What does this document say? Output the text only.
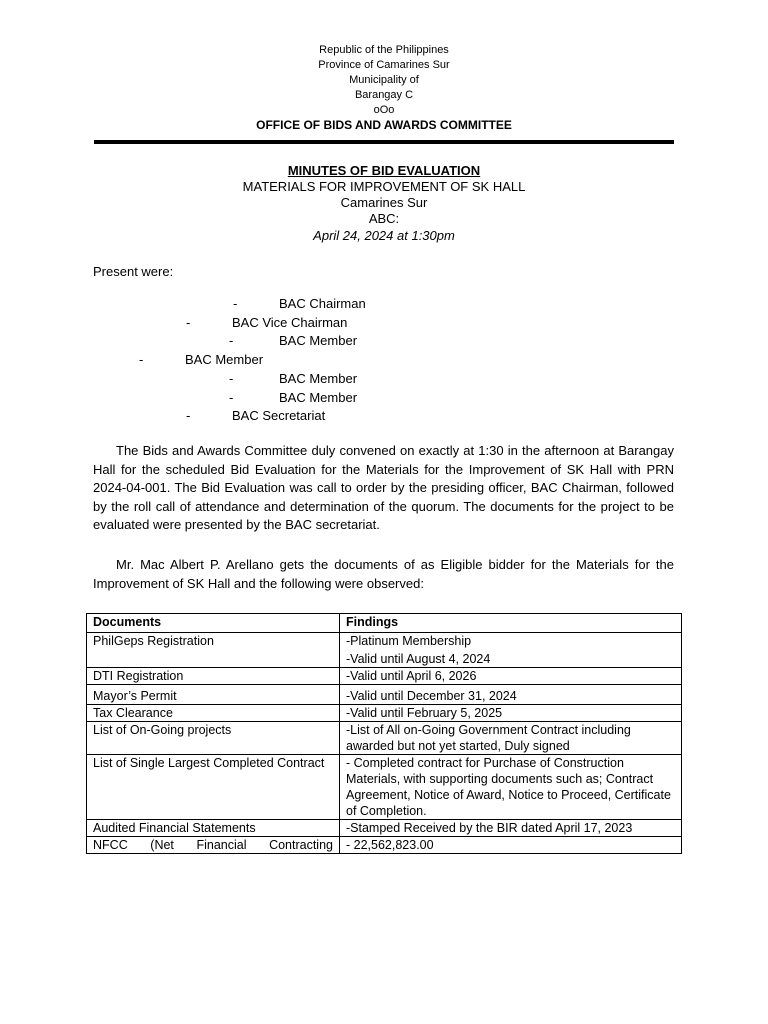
Republic of the Philippines
Province of Camarines Sur
Municipality of
Barangay C
oOo
OFFICE OF BIDS AND AWARDS COMMITTEE
MINUTES OF BID EVALUATION
MATERIALS FOR IMPROVEMENT OF SK HALL
Camarines Sur
ABC:
April 24, 2024 at 1:30pm
Present were:
-	BAC Chairman
-	BAC Vice Chairman
-	BAC Member
-	BAC Member
-	BAC Member
-	BAC Member
-	BAC Secretariat
The Bids and Awards Committee duly convened on exactly at 1:30 in the afternoon at Barangay Hall for the scheduled Bid Evaluation for the Materials for the Improvement of SK Hall with PRN 2024-04-001. The Bid Evaluation was call to order by the presiding officer, BAC Chairman, followed by the roll call of attendance and determination of the quorum. The documents for the project to be evaluated were presented by the BAC secretariat.
Mr. Mac Albert P. Arellano gets the documents of as Eligible bidder for the Materials for the Improvement of SK Hall and the following were observed:
Documents	Findings
PhilGeps Registration	-Platinum Membership
-Valid until August 4, 2024

DTI Registration	-Valid until April 6, 2026

Mayor’s Permit	-Valid until December 31, 2024

Tax Clearance	-Valid until February 5, 2025

List of On-Going projects	-List of All on-Going Government Contract including awarded but not yet started, Duly signed

List of Single Largest Completed Contract	- Completed contract for Purchase of Construction Materials, with supporting documents such as; Contract Agreement, Notice of Award, Notice to Proceed, Certificate of Completion.

Audited Financial Statements	-Stamped Received by the BIR dated April 17, 2023

NFCC (Net Financial Contracting	- 22,562,823.00
